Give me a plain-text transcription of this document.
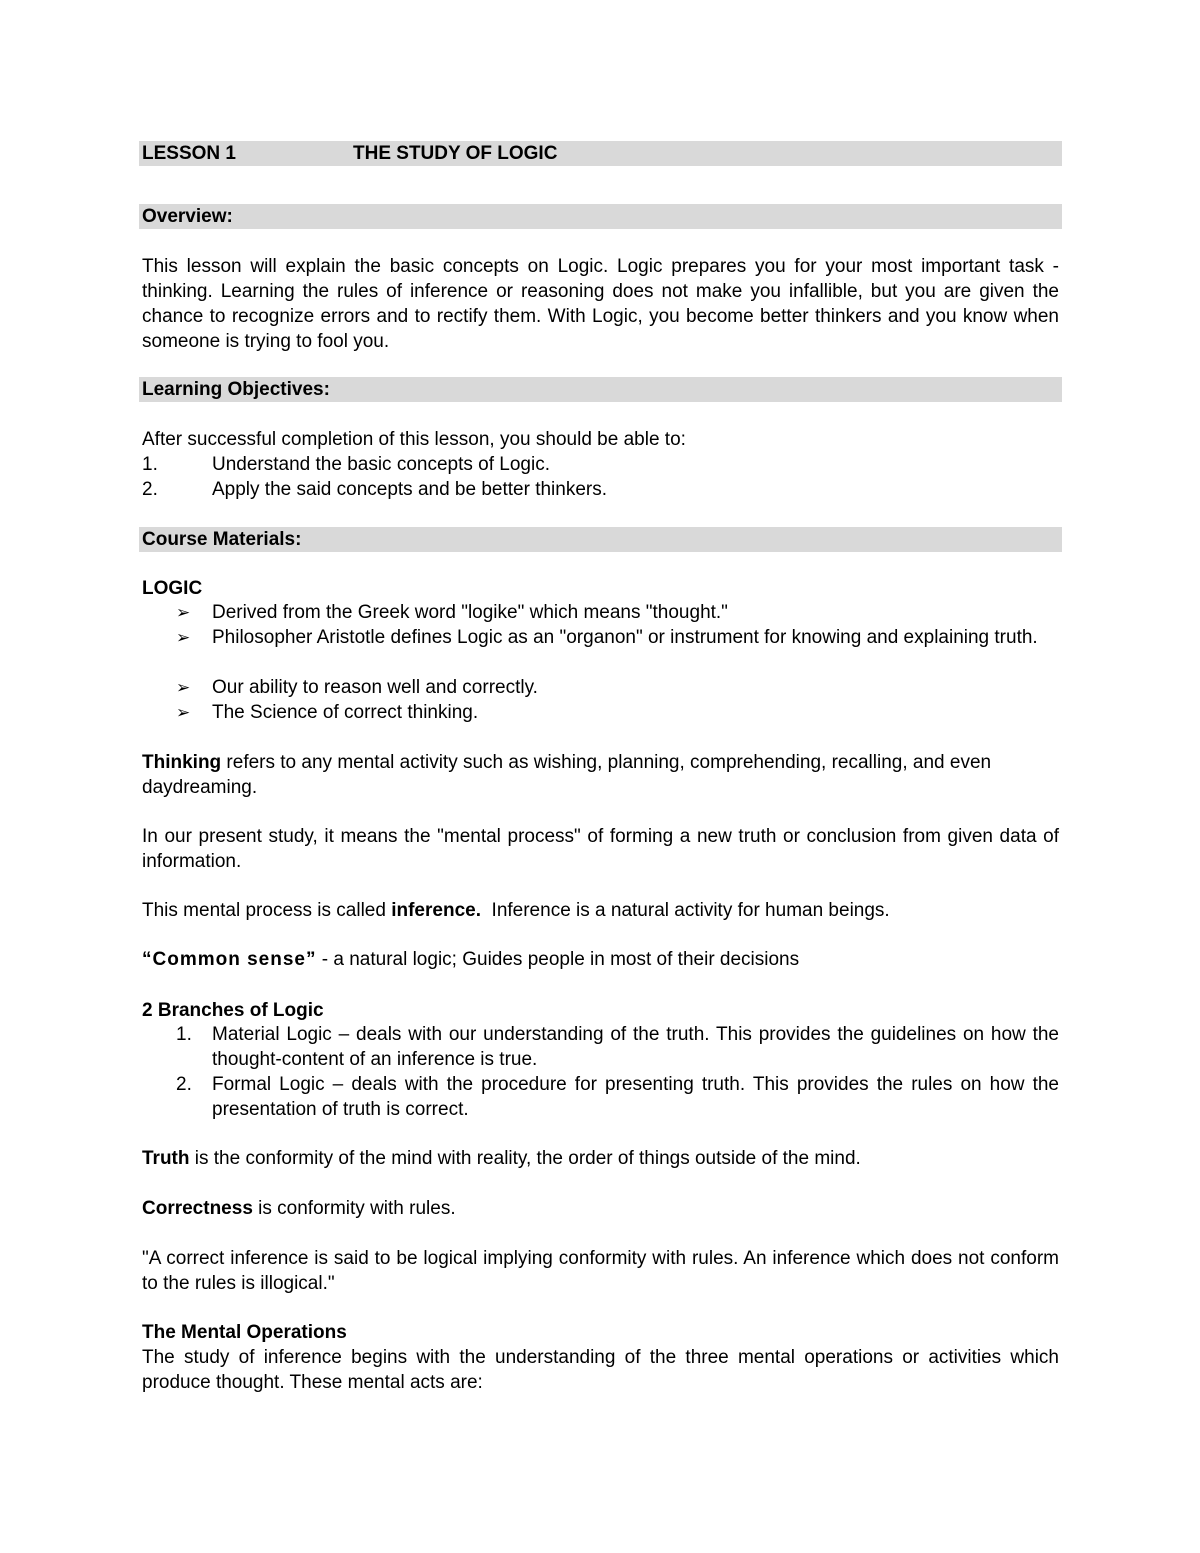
LESSON 1	THE STUDY OF LOGIC
Overview:
This lesson will explain the basic concepts on Logic. Logic prepares you for your most important task - thinking. Learning the rules of inference or reasoning does not make you infallible, but you are given the chance to recognize errors and to rectify them. With Logic, you become better thinkers and you know when someone is trying to fool you.
Learning Objectives:
After successful completion of this lesson, you should be able to:
1.	Understand the basic concepts of Logic.
2.	Apply the said concepts and be better thinkers.
Course Materials:
LOGIC
➢ Derived from the Greek word "logike" which means "thought."
➢ Philosopher Aristotle defines Logic as an "organon" or instrument for knowing and explaining truth.
➢ Our ability to reason well and correctly.
➢ The Science of correct thinking.
Thinking refers to any mental activity such as wishing, planning, comprehending, recalling, and even daydreaming.
In our present study, it means the "mental process" of forming a new truth or conclusion from given data of information.
This mental process is called inference.  Inference is a natural activity for human beings.
“Common sense” - a natural logic; Guides people in most of their decisions
2 Branches of Logic
1. Material Logic – deals with our understanding of the truth. This provides the guidelines on how the thought-content of an inference is true.
2. Formal Logic – deals with the procedure for presenting truth. This provides the rules on how the presentation of truth is correct.
Truth is the conformity of the mind with reality, the order of things outside of the mind.
Correctness is conformity with rules.
"A correct inference is said to be logical implying conformity with rules. An inference which does not conform to the rules is illogical."
The Mental Operations
The study of inference begins with the understanding of the three mental operations or activities which produce thought. These mental acts are:
